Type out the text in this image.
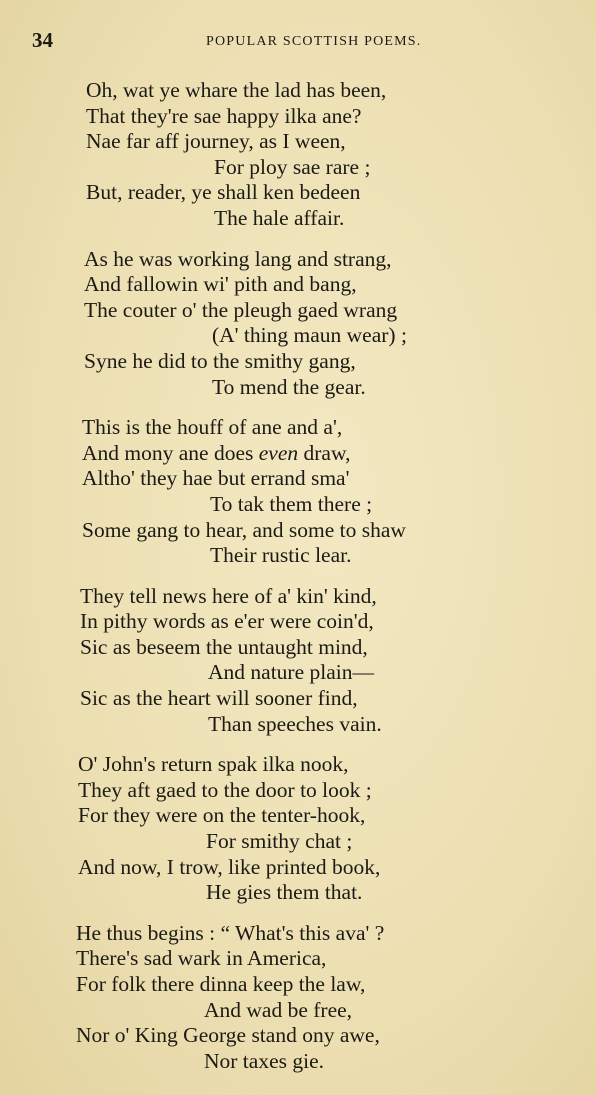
34	POPULAR SCOTTISH POEMS.
Oh, wat ye whare the lad has been,
That they're sae happy ilka ane?
Nae far aff journey, as I ween,
For ploy sae rare ;
But, reader, ye shall ken bedeen
The hale affair.
As he was working lang and strang,
And fallowin wi' pith and bang,
The couter o' the pleugh gaed wrang
(A' thing maun wear) ;
Syne he did to the smithy gang,
To mend the gear.
This is the houff of ane and a',
And mony ane does even draw,
Altho' they hae but errand sma'
To tak them there ;
Some gang to hear, and some to shaw
Their rustic lear.
They tell news here of a' kin' kind,
In pithy words as e'er were coin'd,
Sic as beseem the untaught mind,
And nature plain—
Sic as the heart will sooner find,
Than speeches vain.
O' John's return spak ilka nook,
They aft gaed to the door to look ;
For they were on the tenter-hook,
For smithy chat ;
And now, I trow, like printed book,
He gies them that.
He thus begins : “ What's this ava' ?
There's sad wark in America,
For folk there dinna keep the law,
And wad be free,
Nor o' King George stand ony awe,
Nor taxes gie.
